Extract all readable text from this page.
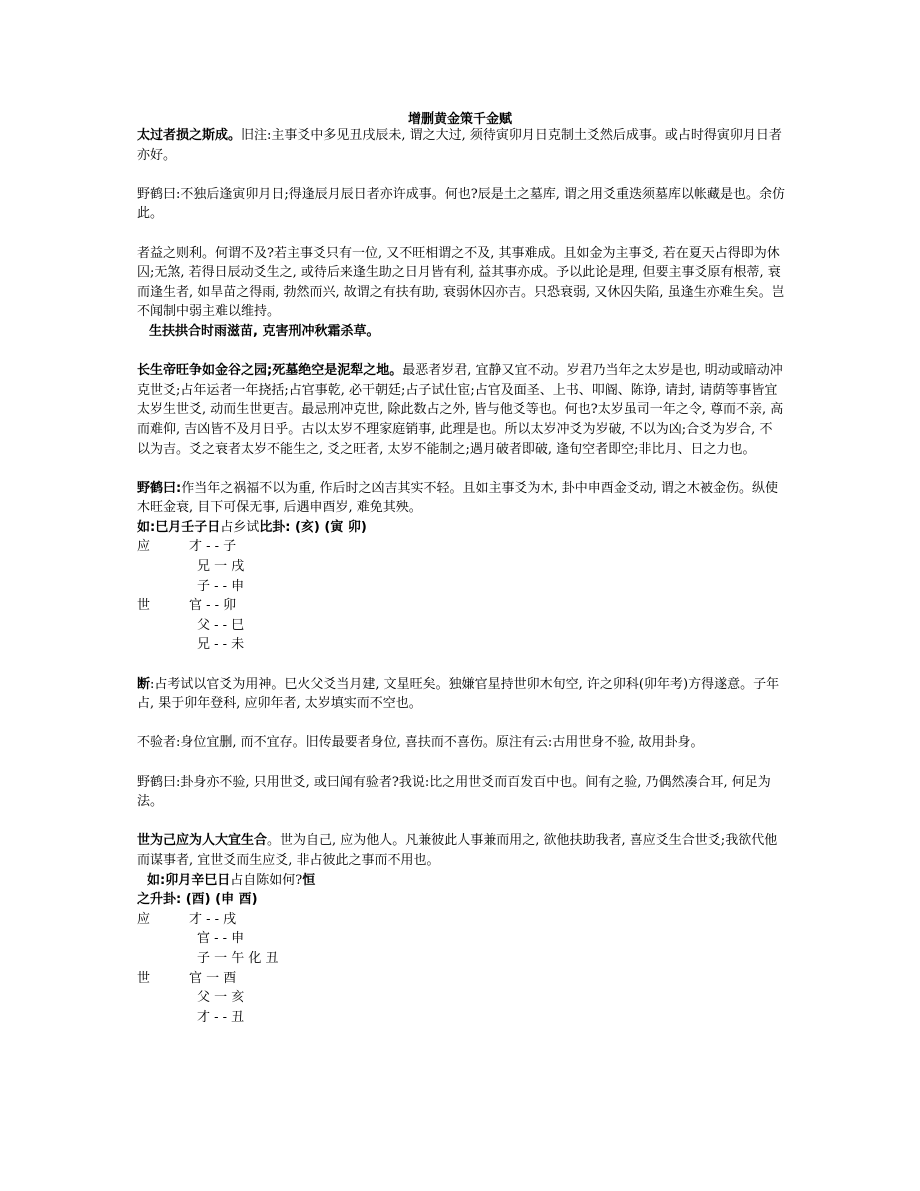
增删黄金策千金赋

太过者损之斯成。旧注:主事爻中多见丑戌辰未, 谓之大过, 须待寅卯月日克制土爻然后成事。或占时得寅卯月日者亦好。

野鹤曰:不独后逢寅卯月日;得逢辰月辰日者亦许成事。何也?辰是土之墓库, 谓之用爻重迭须墓库以帐藏是也。余仿此。

者益之则利。何谓不及?若主事爻只有一位, 又不旺相谓之不及, 其事难成。且如金为主事爻, 若在夏天占得即为休囚;无煞, 若得日辰动爻生之, 或待后来逢生助之日月皆有利, 益其事亦成。予以此论是理, 但要主事爻原有根蒂, 衰而逢生者, 如旱苗之得雨, 勃然而兴, 故谓之有扶有助, 衰弱休囚亦吉。只恐衰弱, 又休囚失陷, 虽逢生亦难生矣。岂不闻制中弱主难以维持。

生扶拱合时雨滋苗, 克害刑冲秋霜杀草。

长生帝旺争如金谷之园;死墓绝空是泥犁之地。最恶者岁君, 宜静又宜不动。岁君乃当年之太岁是也, 明动或暗动冲克世爻;占年运者一年挠括;占官事乾, 必干朝廷;占子试仕宦;占官及面圣、上书、叩阍、陈诤, 请封, 请荫等事皆宜太岁生世爻, 动而生世更吉。最忌刑冲克世, 除此数占之外, 皆与他爻等也。何也?太岁虽司一年之令, 尊而不亲, 高而难仰, 吉凶皆不及月日乎。古以太岁不理家庭销事, 此理是也。所以太岁冲爻为岁破, 不以为凶;合爻为岁合, 不以为吉。爻之衰者太岁不能生之, 爻之旺者, 太岁不能制之;遇月破者即破, 逢旬空者即空;非比月、日之力也。

野鹤曰:作当年之祸福不以为重, 作后时之凶吉其实不轻。且如主事爻为木, 卦中申酉金爻动, 谓之木被金伤。纵使木旺金衰, 目下可保无事, 后遇申酉岁, 难免其殃。

如:巳月壬子日占乡试比卦: (亥) (寅 卯)

应	才 - - 子
兄 一 戌
子 - - 申
世	官 - - 卯
父 - - 巳
兄 - - 未

断:占考试以官爻为用神。巳火父爻当月建, 文星旺矣。独嫌官星持世卯木旬空, 许之卯科(卯年考)方得遂意。子年占, 果于卯年登科, 应卯年者, 太岁填实而不空也。

不验者:身位宜删, 而不宜存。旧传最要者身位, 喜扶而不喜伤。原注有云:古用世身不验, 故用卦身。

野鹤曰:卦身亦不验, 只用世爻, 或曰闻有验者?我说:比之用世爻而百发百中也。间有之验, 乃偶然凑合耳, 何足为法。

世为己应为人大宜生合。世为自己, 应为他人。凡兼彼此人事兼而用之, 欲他扶助我者, 喜应爻生合世爻;我欲代他而谋事者, 宜世爻而生应爻, 非占彼此之事而不用也。

如:卯月辛巳日占自陈如何?恒

之升卦: (酉) (申 酉)

应	才 - - 戌
官 - - 申
子 一 午 化 丑
世	官 一 酉
父 一 亥
才 - - 丑
